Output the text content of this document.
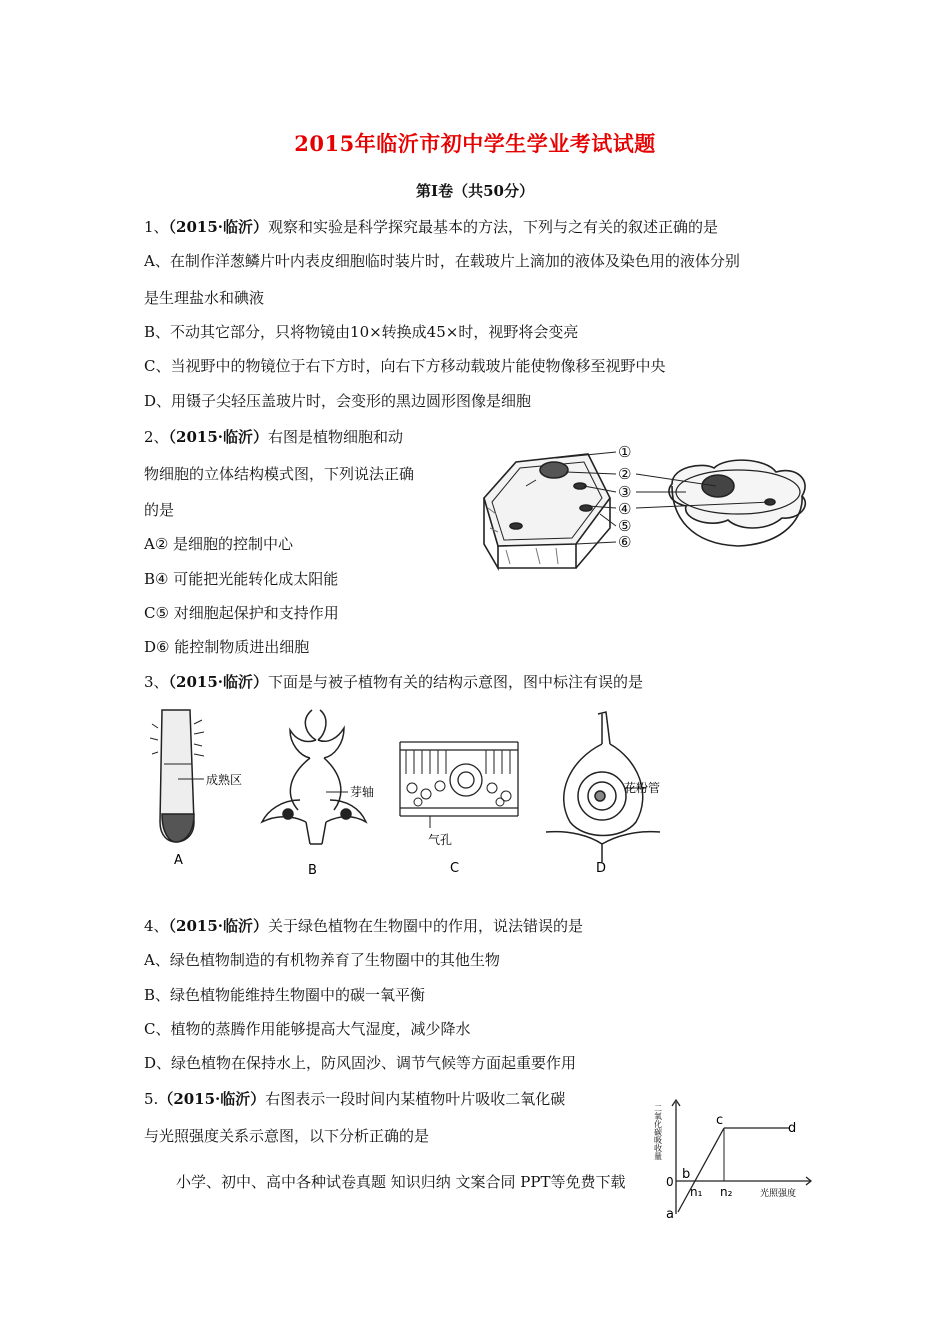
2015年临沂市初中学生学业考试试题
第Ⅰ卷（共50分）
1、（2015·临沂）观察和实验是科学探究最基本的方法，下列与之有关的叙述正确的是
A、在制作洋葱鳞片叶内表皮细胞临时装片时，在载玻片上滴加的液体及染色用的液体分别
是生理盐水和碘液
B、不动其它部分，只将物镜由10×转换成45×时，视野将会变亮
C、当视野中的物镜位于右下方时，向右下方移动载玻片能使物像移至视野中央
D、用镊子尖轻压盖玻片时，会变形的黑边圆形图像是细胞
2、（2015·临沂）右图是植物细胞和动
物细胞的立体结构模式图，下列说法正确
的是
A② 是细胞的控制中心
B④ 可能把光能转化成太阳能
C⑤ 对细胞起保护和支持作用
D⑥ 能控制物质进出细胞
①
②
③
④
⑤
⑥
3、（2015·临沂）下面是与被子植物有关的结构示意图，图中标注有误的是
成熟区
A
芽轴
B
气孔
C
花粉管
D
4、（2015·临沂）关于绿色植物在生物圈中的作用，说法错误的是
A、绿色植物制造的有机物养育了生物圈中的其他生物
B、绿色植物能维持生物圈中的碳一氧平衡
C、植物的蒸腾作用能够提高大气湿度，减少降水
D、绿色植物在保持水上，防风固沙、调节气候等方面起重要作用
5.（2015·临沂）右图表示一段时间内某植物叶片吸收二氧化碳
与光照强度关系示意图，以下分析正确的是	二氧化碳吸收量
光照强度
0
a
b
c
d
n₁ n₂
小学、初中、高中各种试卷真题 知识归纳 文案合同 PPT等免费下载
